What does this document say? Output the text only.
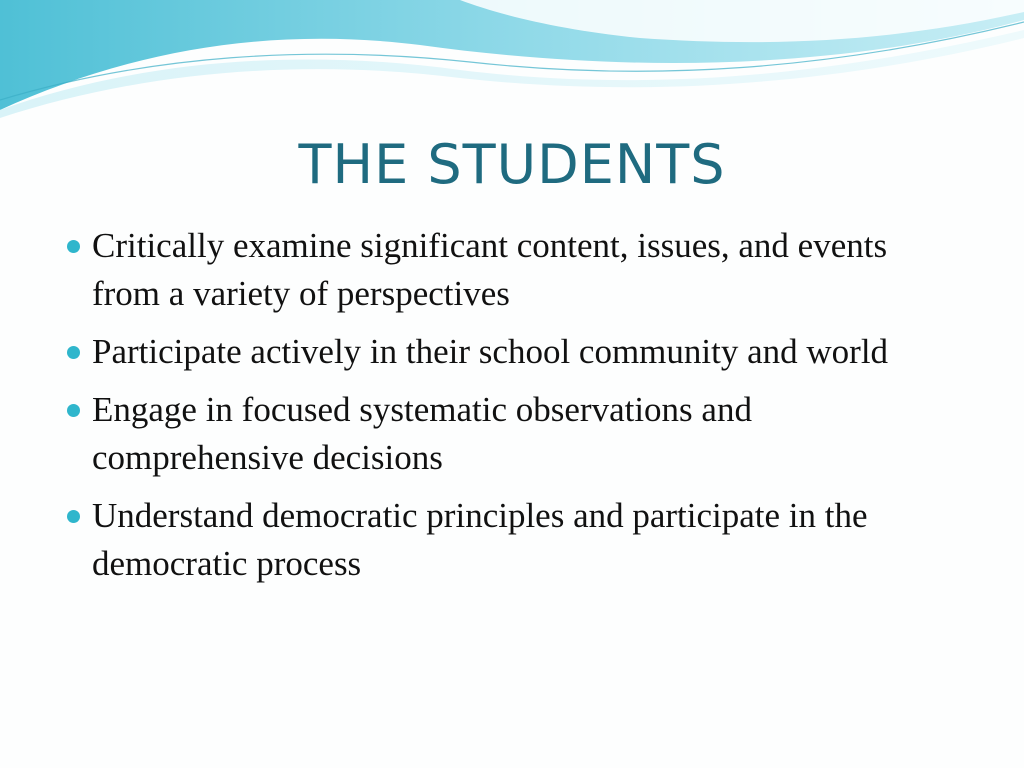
THE STUDENTS
Critically examine significant content, issues, and events from a variety of perspectives
Participate actively in their school community and world
Engage in focused systematic observations and comprehensive decisions
Understand democratic principles and participate in the democratic process
